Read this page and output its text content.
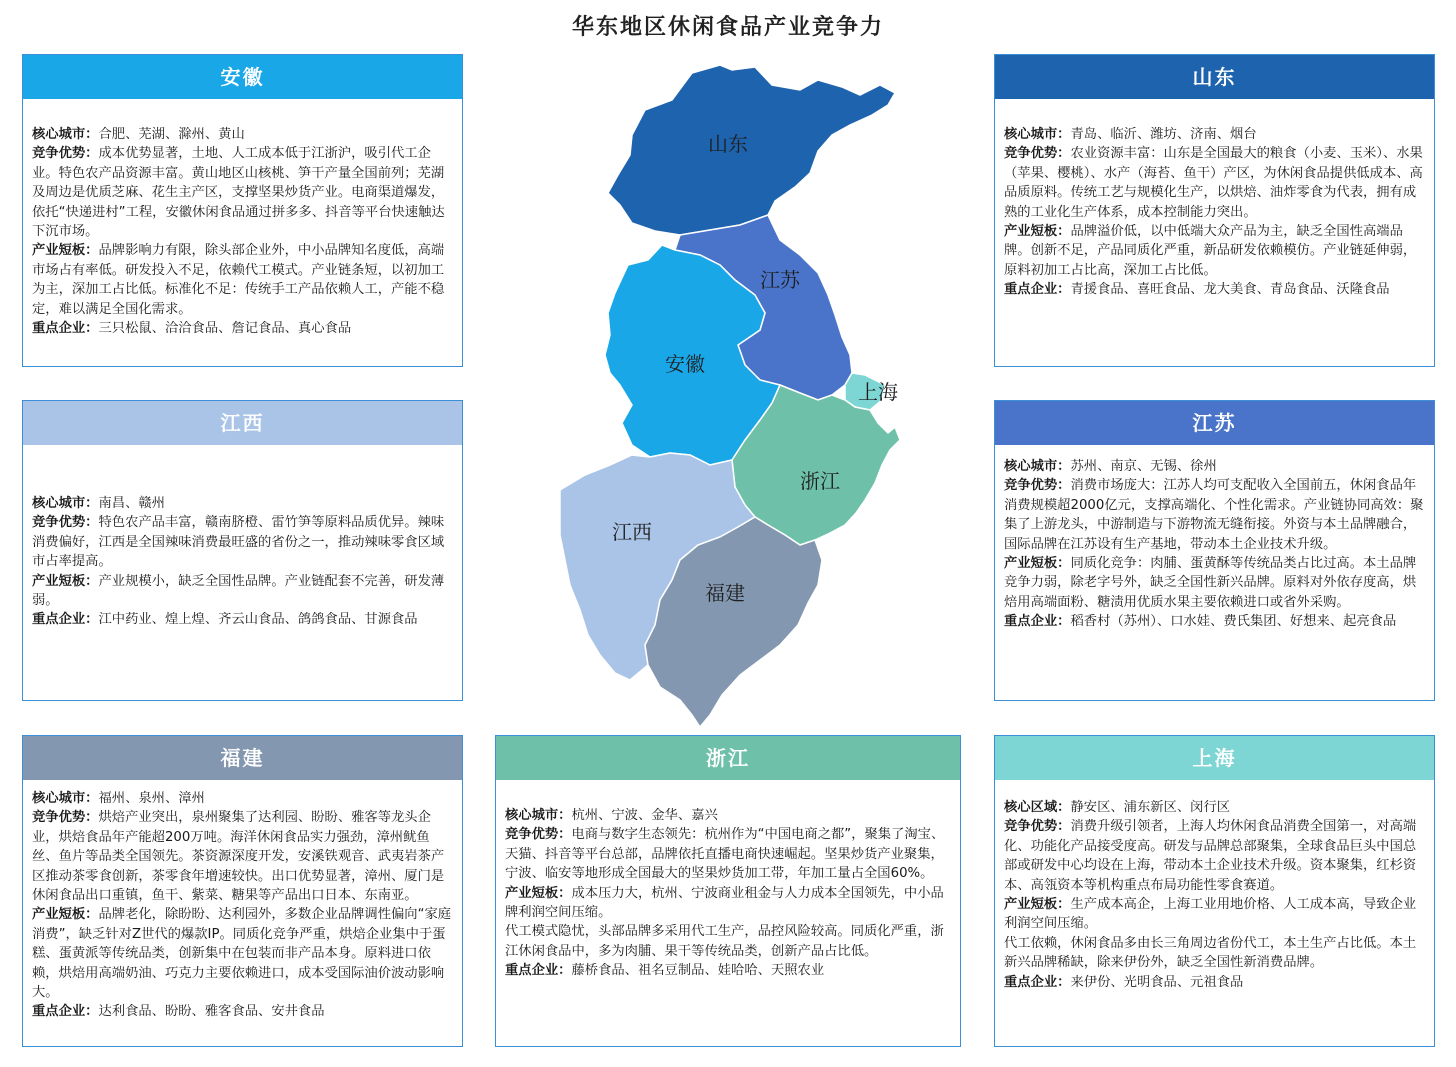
华东地区休闲食品产业竞争力
安徽

核心城市：合肥、芜湖、滁州、黄山

竞争优势：成本优势显著，土地、人工成本低于江浙沪，吸引代工企业。特色农产品资源丰富。黄山地区山核桃、笋干产量全国前列；芜湖及周边是优质芝麻、花生主产区，支撑坚果炒货产业。电商渠道爆发，依托“快递进村”工程，安徽休闲食品通过拼多多、抖音等平台快速触达下沉市场。

产业短板：品牌影响力有限，除头部企业外，中小品牌知名度低，高端市场占有率低。研发投入不足，依赖代工模式。产业链条短，以初加工为主，深加工占比低。标准化不足：传统手工产品依赖人工，产能不稳定，难以满足全国化需求。

重点企业：三只松鼠、洽洽食品、詹记食品、真心食品

山东

核心城市：青岛、临沂、潍坊、济南、烟台

竞争优势：农业资源丰富：山东是全国最大的粮食（小麦、玉米）、水果（苹果、樱桃）、水产（海苔、鱼干）产区，为休闲食品提供低成本、高品质原料。传统工艺与规模化生产，以烘焙、油炸零食为代表，拥有成熟的工业化生产体系，成本控制能力突出。

产业短板：品牌溢价低，以中低端大众产品为主，缺乏全国性高端品牌。创新不足，产品同质化严重，新品研发依赖模仿。产业链延伸弱，原料初加工占比高，深加工占比低。

重点企业：青援食品、喜旺食品、龙大美食、青岛食品、沃隆食品

江西

核心城市：南昌、赣州

竞争优势：特色农产品丰富，赣南脐橙、雷竹笋等原料品质优异。辣味消费偏好，江西是全国辣味消费最旺盛的省份之一，推动辣味零食区域市占率提高。

产业短板：产业规模小，缺乏全国性品牌。产业链配套不完善，研发薄弱。

重点企业：江中药业、煌上煌、齐云山食品、鸽鸽食品、甘源食品

江苏

核心城市：苏州、南京、无锡、徐州

竞争优势：消费市场庞大：江苏人均可支配收入全国前五，休闲食品年消费规模超2000亿元，支撑高端化、个性化需求。产业链协同高效：聚集了上游龙头，中游制造与下游物流无缝衔接。外资与本土品牌融合，国际品牌在江苏设有生产基地，带动本土企业技术升级。

产业短板：同质化竞争：肉脯、蛋黄酥等传统品类占比过高。本土品牌竞争力弱，除老字号外，缺乏全国性新兴品牌。原料对外依存度高，烘焙用高端面粉、糖渍用优质水果主要依赖进口或省外采购。

重点企业：稻香村（苏州）、口水娃、费氏集团、好想来、起亮食品

福建

核心城市：福州、泉州、漳州

竞争优势：烘焙产业突出，泉州聚集了达利园、盼盼、雅客等龙头企业，烘焙食品年产能超200万吨。海洋休闲食品实力强劲，漳州鱿鱼丝、鱼片等品类全国领先。茶资源深度开发，安溪铁观音、武夷岩茶产区推动茶零食创新，茶零食年增速较快。出口优势显著，漳州、厦门是休闲食品出口重镇，鱼干、紫菜、糖果等产品出口日本、东南亚。

产业短板：品牌老化，除盼盼、达利园外，多数企业品牌调性偏向“家庭消费”，缺乏针对Z世代的爆款IP。同质化竞争严重，烘焙企业集中于蛋糕、蛋黄派等传统品类，创新集中在包装而非产品本身。原料进口依赖，烘焙用高端奶油、巧克力主要依赖进口，成本受国际油价波动影响大。

重点企业：达利食品、盼盼、雅客食品、安井食品

浙江

核心城市：杭州、宁波、金华、嘉兴

竞争优势：电商与数字生态领先：杭州作为“中国电商之都”，聚集了淘宝、天猫、抖音等平台总部，品牌依托直播电商快速崛起。坚果炒货产业聚集，宁波、临安等地形成全国最大的坚果炒货加工带，年加工量占全国60%。

产业短板：成本压力大，杭州、宁波商业租金与人力成本全国领先，中小品牌利润空间压缩。

代工模式隐忧，头部品牌多采用代工生产，品控风险较高。同质化严重，浙江休闲食品中，多为肉脯、果干等传统品类，创新产品占比低。

重点企业：藤桥食品、祖名豆制品、娃哈哈、天照农业

上海

核心区域：静安区、浦东新区、闵行区

竞争优势：消费升级引领者，上海人均休闲食品消费全国第一，对高端化、功能化产品接受度高。研发与品牌总部聚集，全球食品巨头中国总部或研发中心均设在上海，带动本土企业技术升级。资本聚集，红杉资本、高瓴资本等机构重点布局功能性零食赛道。

产业短板：生产成本高企，上海工业用地价格、人工成本高，导致企业利润空间压缩。

代工依赖，休闲食品多由长三角周边省份代工，本土生产占比低。本土新兴品牌稀缺，除来伊份外，缺乏全国性新消费品牌。

重点企业：来伊份、光明食品、元祖食品

山东
江苏
安徽
上海
浙江
江西
福建
